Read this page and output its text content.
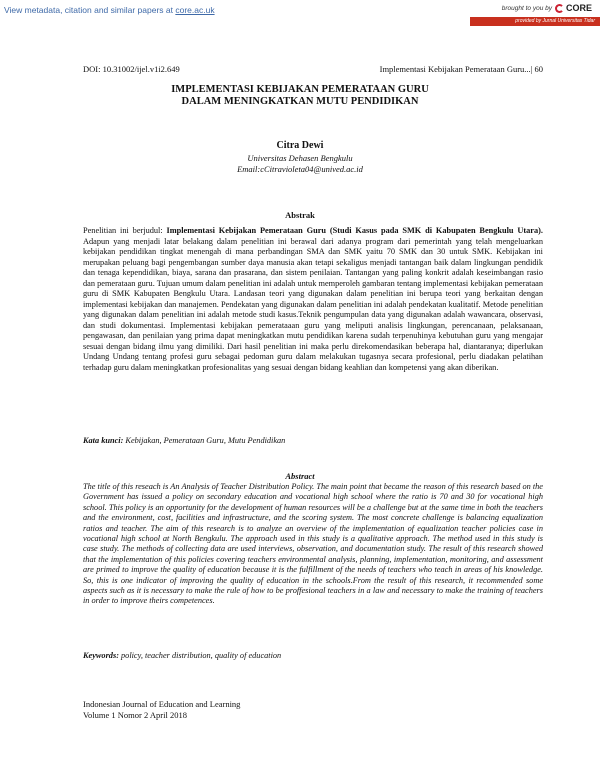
View metadata, citation and similar papers at core.ac.uk	brought to you by CORE
provided by Jurnal Universitas Tidar
DOI: 10.31002/ijel.v1i2.649	Implementasi Kebijakan Pemerataan Guru...| 60
IMPLEMENTASI KEBIJAKAN PEMERATAAN GURU
DALAM MENINGKATKAN MUTU PENDIDIKAN
Citra Dewi
Universitas Dehasen Bengkulu
Email:cCitravioleta04@unived.ac.id
Abstrak
Penelitian ini berjudul: Implementasi Kebijakan Pemerataan Guru (Studi Kasus pada SMK di Kabupaten Bengkulu Utara). Adapun yang menjadi latar belakang dalam penelitian ini berawal dari adanya program dari pemerintah yang telah mengeluarkan kebijakan pendidikan tingkat menengah di mana perbandingan SMA dan SMK yaitu 70 SMK dan 30 untuk SMK. Kebijakan ini merupakan peluang bagi pengembangan sumber daya manusia akan tetapi sekaligus menjadi tantangan baik dalam lingkungan pendidik dan tenaga kependidikan, biaya, sarana dan prasarana, dan sistem penilaian. Tantangan yang paling konkrit adalah keseimbangan rasio dan pemerataan guru. Tujuan umum dalam penelitian ini adalah untuk memperoleh gambaran tentang implementasi kebijakan pemerataan guru di SMK Kabupaten Bengkulu Utara. Landasan teori yang digunakan dalam penelitian ini berupa teori yang berkaitan dengan implementasi kebijakan dan manajemen. Pendekatan yang digunakan dalam penelitian ini adalah pendekatan kualitatif. Metode penelitian yang digunakan dalam penelitian ini adalah metode studi kasus.Teknik pengumpulan data yang digunakan adalah wawancara, observasi, dan studi dokumentasi. Implementasi kebijakan pemerataaan guru yang meliputi analisis lingkungan, perencanaan, pelaksanaan, pengawasan, dan penilaian yang prima dapat meningkatkan mutu pendidikan karena sudah terpenuhinya kebutuhan guru yang mengajar sesuai dengan bidang ilmu yang dimiliki. Dari hasil penelitian ini maka perlu direkomendasikan beberapa hal, diantaranya; diperlukan Undang Undang tentang profesi guru sebagai pedoman guru dalam melakukan tugasnya secara profesional, perlu diadakan pelatihan terhadap guru dalam meningkatkan profesionalitas yang sesuai dengan bidang keahlian dan kompetensi yang akan diberikan.
Kata kunci: Kebijakan, Pemerataan Guru, Mutu Pendidikan
Abstract
The title of this reseach is An Analysis of Teacher Distribution Policy. The main point that became the reason of this research based on the Government has issued a policy on secondary education and vocational high school where the ratio is 70 and 30 for vocational high school. This policy is an opportunity for the development of human resources will be a challenge but at the same time in both the teachers and the environment, cost, facilities and infrastructure, and the scoring system. The most concrete challenge is balancing equalization ratios and teacher. The aim of this research is to analyze an overview of the implementation of equalization teacher policies case in vocational high school at North Bengkulu. The approach used in this study is a qualitative approach. The method used in this study is case study. The methods of collecting data are used interviews, observation, and documentation study. The result of this research showed that the implementation of this policies covering teachers environmental analysis, planning, implementation, monitoring, and assessment are primed to improve the quality of education because it is the fulfillment of the needs of teachers who teach in areas of his knowledge. So, this is one indicator of improving the quality of education in the schools.From the result of this research, it recommended some aspects such as it is necessary to make the rule of how to be proffesional teachers in a law and necessary to make the training of teachers in order to improve theirs competences.
Keywords: policy, teacher distribution, quality of education
Indonesian Journal of Education and Learning
Volume 1 Nomor 2 April 2018
